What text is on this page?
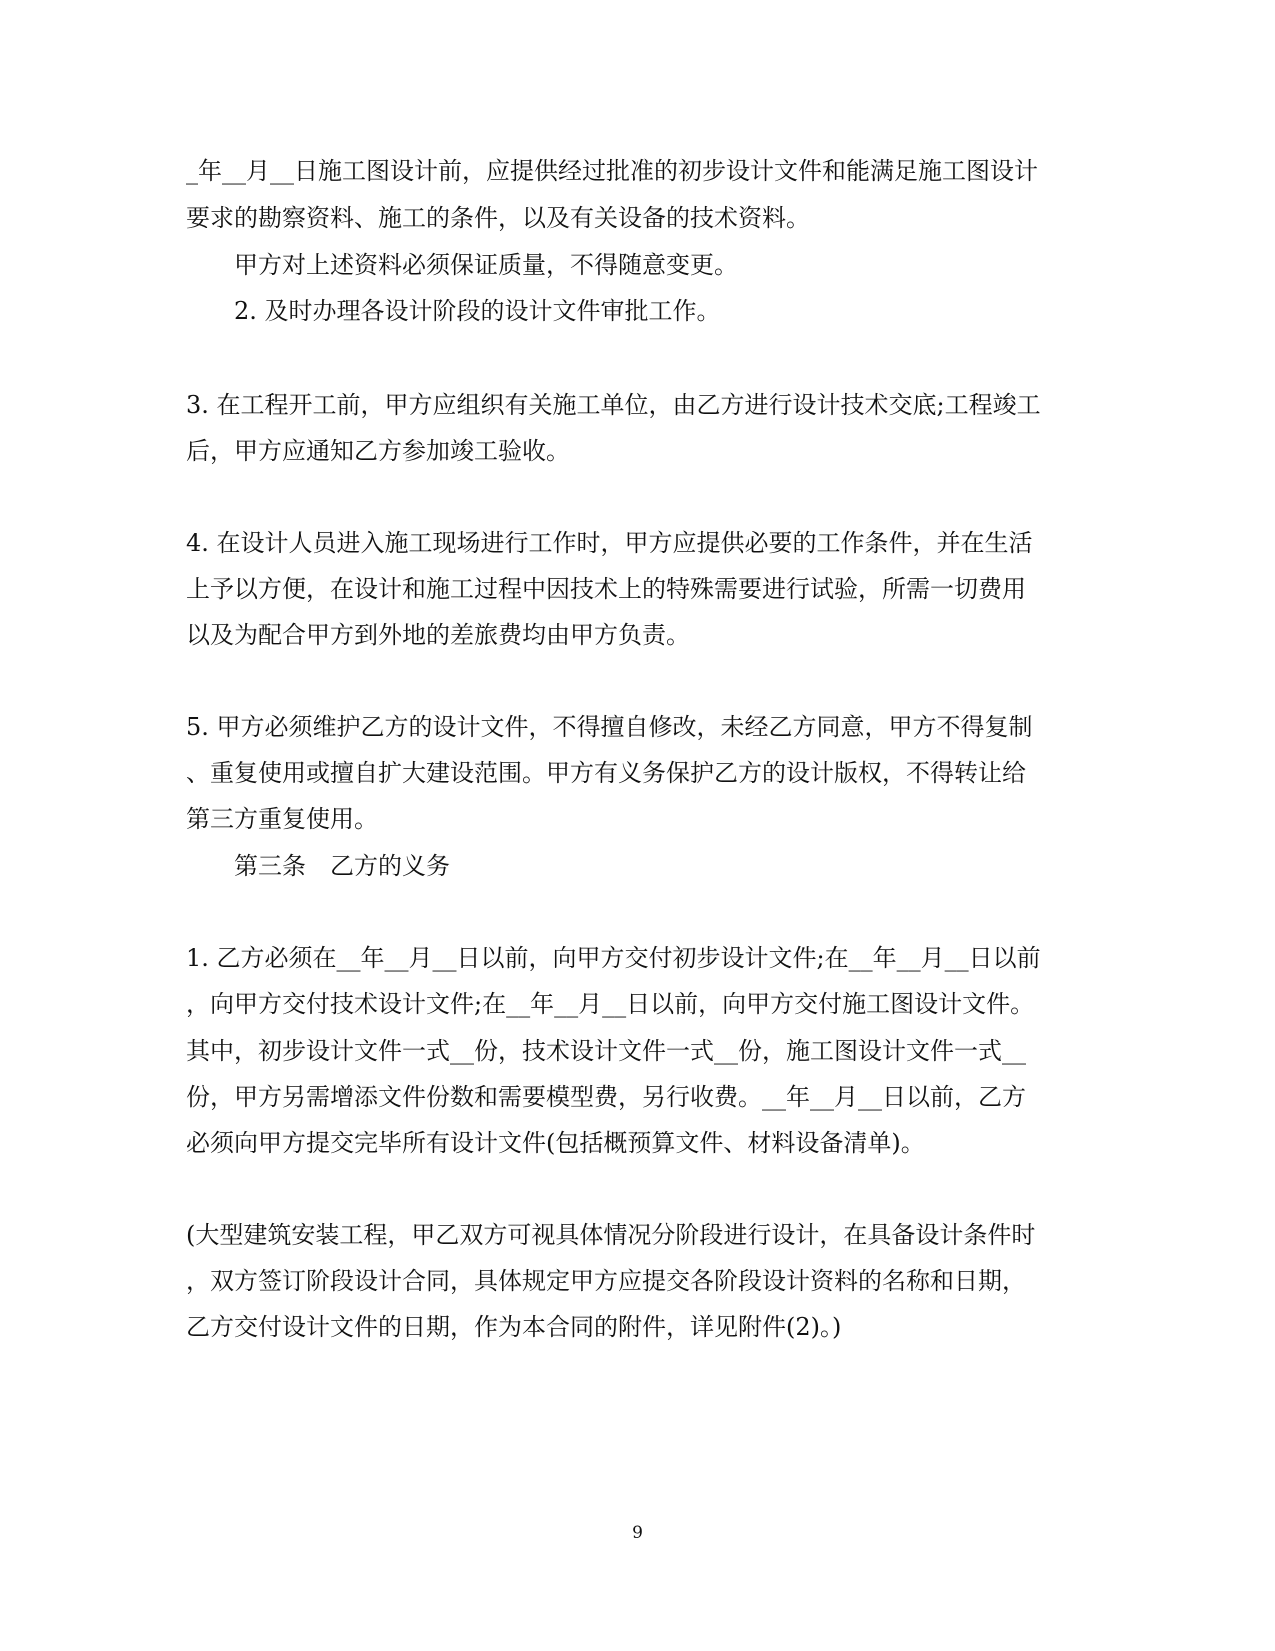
_年__月__日施工图设计前，应提供经过批准的初步设计文件和能满足施工图设计
要求的勘察资料、施工的条件，以及有关设备的技术资料。
甲方对上述资料必须保证质量，不得随意变更。
2. 及时办理各设计阶段的设计文件审批工作。
3. 在工程开工前，甲方应组织有关施工单位，由乙方进行设计技术交底;工程竣工
后，甲方应通知乙方参加竣工验收。
4. 在设计人员进入施工现场进行工作时，甲方应提供必要的工作条件，并在生活
上予以方便，在设计和施工过程中因技术上的特殊需要进行试验，所需一切费用
以及为配合甲方到外地的差旅费均由甲方负责。
5. 甲方必须维护乙方的设计文件，不得擅自修改，未经乙方同意，甲方不得复制
、重复使用或擅自扩大建设范围。甲方有义务保护乙方的设计版权，不得转让给
第三方重复使用。
第三条　乙方的义务
1. 乙方必须在__年__月__日以前，向甲方交付初步设计文件;在__年__月__日以前
，向甲方交付技术设计文件;在__年__月__日以前，向甲方交付施工图设计文件。
其中，初步设计文件一式__份，技术设计文件一式__份，施工图设计文件一式__
份，甲方另需增添文件份数和需要模型费，另行收费。__年__月__日以前，乙方
必须向甲方提交完毕所有设计文件(包括概预算文件、材料设备清单)。
(大型建筑安装工程，甲乙双方可视具体情况分阶段进行设计，在具备设计条件时
，双方签订阶段设计合同，具体规定甲方应提交各阶段设计资料的名称和日期，
乙方交付设计文件的日期，作为本合同的附件，详见附件(2)。)
9
